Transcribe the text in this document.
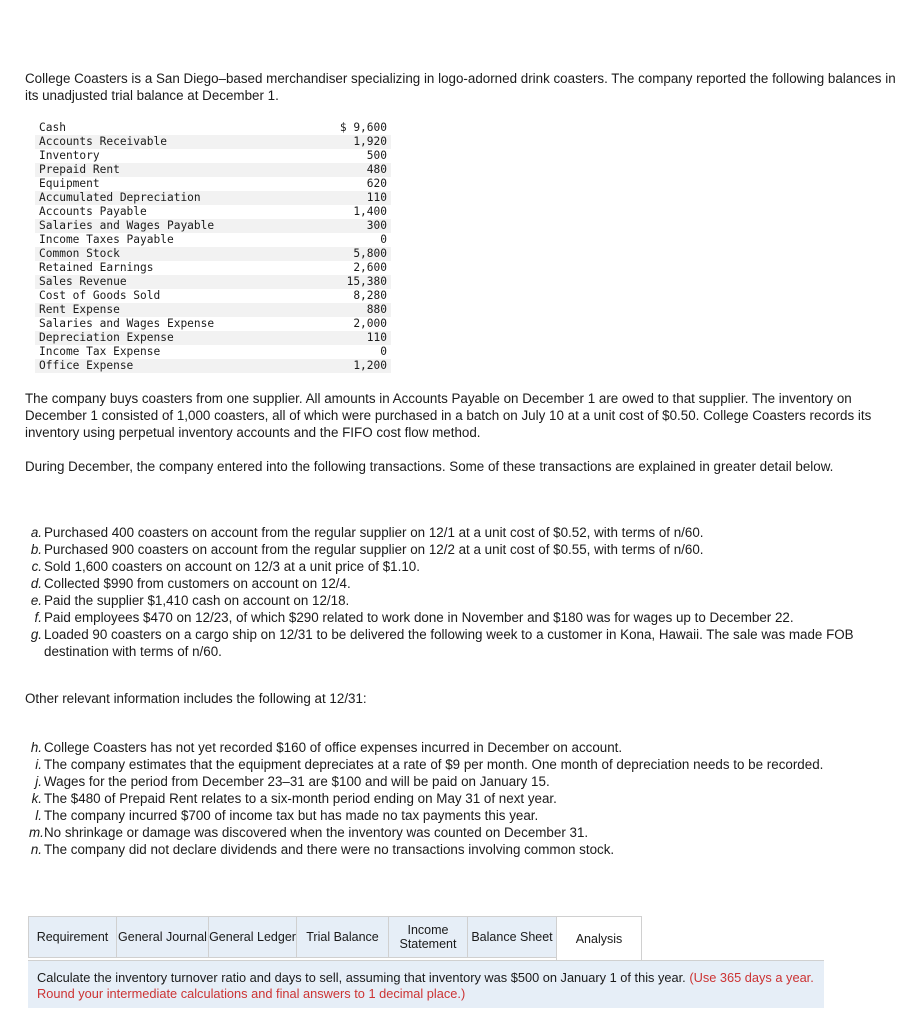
College Coasters is a San Diego–based merchandiser specializing in logo-adorned drink coasters. The company reported the following balances in its unadjusted trial balance at December 1.

Cash	$ 9,600
Accounts Receivable	1,920
Inventory	500
Prepaid Rent	480
Equipment	620
Accumulated Depreciation	110
Accounts Payable	1,400
Salaries and Wages Payable	300
Income Taxes Payable	0
Common Stock	5,800
Retained Earnings	2,600
Sales Revenue	15,380
Cost of Goods Sold	8,280
Rent Expense	880
Salaries and Wages Expense	2,000
Depreciation Expense	110
Income Tax Expense	0
Office Expense	1,200

The company buys coasters from one supplier. All amounts in Accounts Payable on December 1 are owed to that supplier. The inventory on December 1 consisted of 1,000 coasters, all of which were purchased in a batch on July 10 at a unit cost of $0.50. College Coasters records its inventory using perpetual inventory accounts and the FIFO cost flow method.

During December, the company entered into the following transactions. Some of these transactions are explained in greater detail below.

a. Purchased 400 coasters on account from the regular supplier on 12/1 at a unit cost of $0.52, with terms of n/60.
b. Purchased 900 coasters on account from the regular supplier on 12/2 at a unit cost of $0.55, with terms of n/60.
c. Sold 1,600 coasters on account on 12/3 at a unit price of $1.10.
d. Collected $990 from customers on account on 12/4.
e. Paid the supplier $1,410 cash on account on 12/18.
f. Paid employees $470 on 12/23, of which $290 related to work done in November and $180 was for wages up to December 22.
g. Loaded 90 coasters on a cargo ship on 12/31 to be delivered the following week to a customer in Kona, Hawaii. The sale was made FOB destination with terms of n/60.

Other relevant information includes the following at 12/31:

h. College Coasters has not yet recorded $160 of office expenses incurred in December on account.
i. The company estimates that the equipment depreciates at a rate of $9 per month. One month of depreciation needs to be recorded.
j. Wages for the period from December 23–31 are $100 and will be paid on January 15.
k. The $480 of Prepaid Rent relates to a six-month period ending on May 31 of next year.
l. The company incurred $700 of income tax but has made no tax payments this year.
m. No shrinkage or damage was discovered when the inventory was counted on December 31.
n. The company did not declare dividends and there were no transactions involving common stock.
Requirement General Journal General Ledger Trial Balance	Income Statement	Balance Sheet	Analysis
Calculate the inventory turnover ratio and days to sell, assuming that inventory was $500 on January 1 of this year. (Use 365 days a year. Round your intermediate calculations and final answers to 1 decimal place.)
